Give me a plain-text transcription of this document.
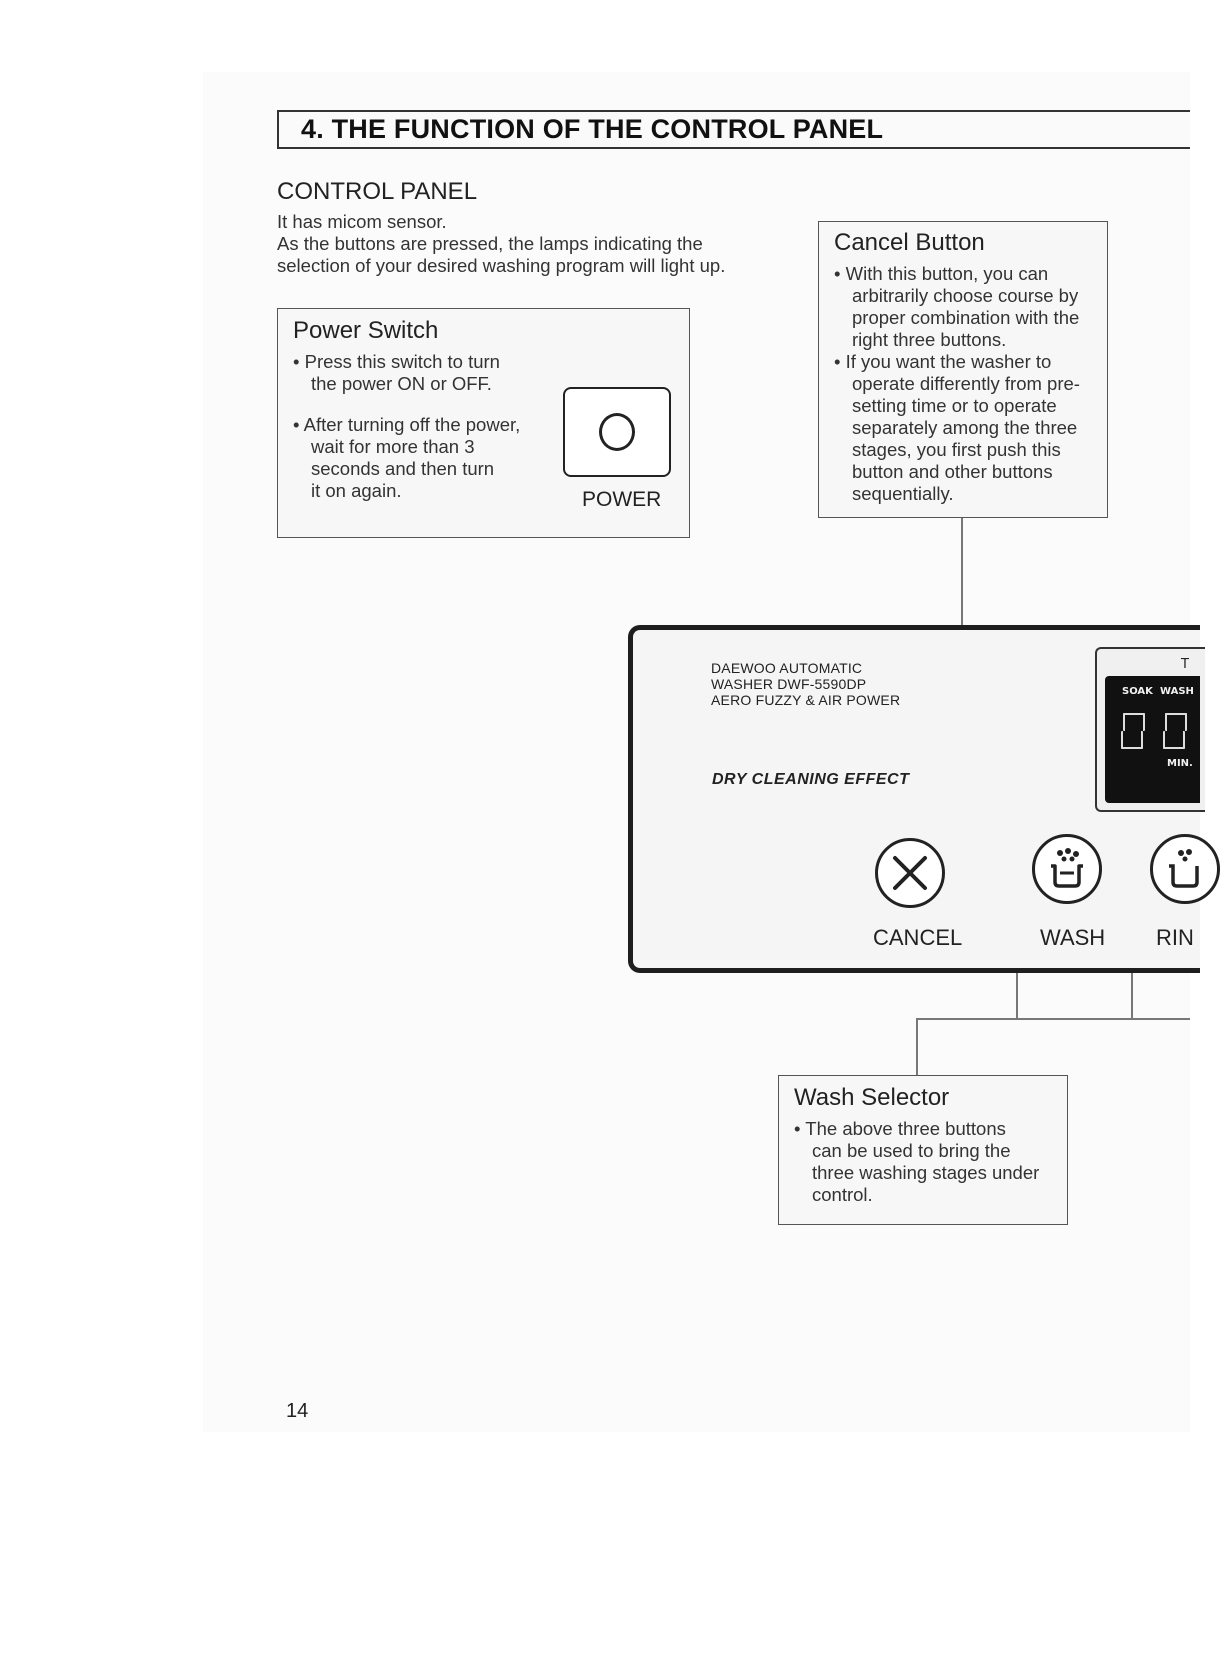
4. THE FUNCTION OF THE CONTROL PANEL
CONTROL PANEL
It has micom sensor.
As the buttons are pressed, the lamps indicating the
selection of your desired washing program will light up.
Power Switch
• Press this switch to turn
the power ON or OFF.
• After turning off the power,
wait for more than 3
seconds and then turn
it on again.	POWER
Cancel Button
• With this button, you can
arbitrarily choose course by
proper combination with the
right three buttons.
• If you want the washer to
operate differently from pre-
setting time or to operate
separately among the three
stages, you first push this
button and other buttons
sequentially.
DAEWOO AUTOMATIC
WASHER DWF-5590DP
AERO FUZZY & AIR POWER
DRY CLEANING EFFECT
T
SOAK WASH
MIN.
CANCEL	WASH RIN
Wash Selector
• The above three buttons
can be used to bring the
three washing stages under
control.
14
